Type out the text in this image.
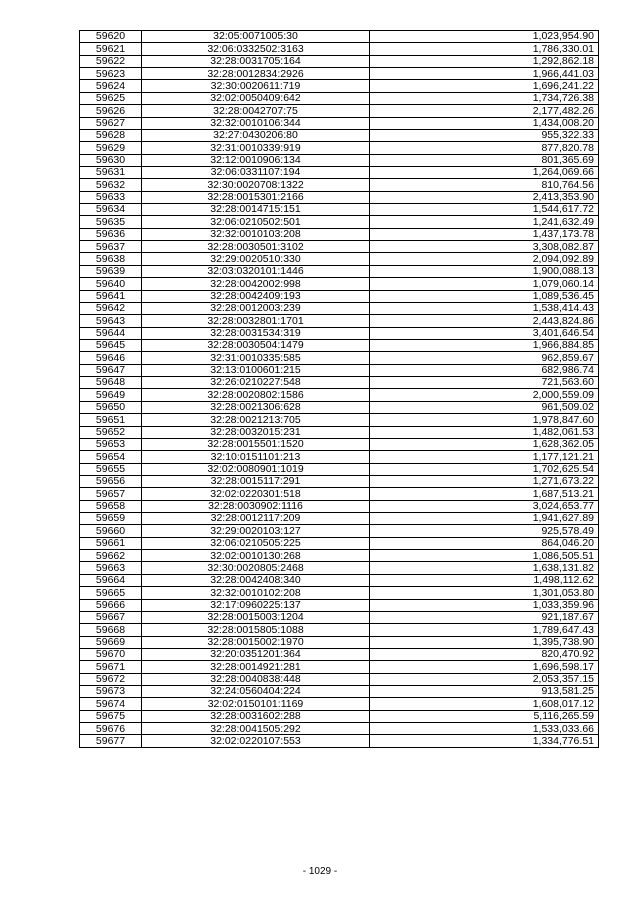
59620	32:05:0071005:30	1,023,954.90
59621	32:06:0332502:3163	1,786,330.01
59622	32:28:0031705:164	1,292,862.18
59623	32:28:0012834:2926	1,966,441.03
59624	32:30:0020611:719	1,696,241.22
59625	32:02:0050409:642	1,734,726.38
59626	32:28:0042707:75	2,177,482.26
59627	32:32:0010106:344	1,434,008.20
59628	32:27:0430206:80	955,322.33
59629	32:31:0010339:919	877,820.78
59630	32:12:0010906:134	801,365.69
59631	32:06:0331107:194	1,264,069.66
59632	32:30:0020708:1322	810,764.56
59633	32:28:0015301:2166	2,413,353.90
59634	32:28:0014715:151	1,544,617.72
59635	32:06:0210502:501	1,241,632.49
59636	32:32:0010103:208	1,437,173.78
59637	32:28:0030501:3102	3,308,082.87
59638	32:29:0020510:330	2,094,092.89
59639	32:03:0320101:1446	1,900,088.13
59640	32:28:0042002:998	1,079,060.14
59641	32:28:0042409:193	1,089,536.45
59642	32:28:0012003:239	1,538,414.43
59643	32:28:0032801:1701	2,443,824.86
59644	32:28:0031534:319	3,401,646.54
59645	32:28:0030504:1479	1,966,884.85
59646	32:31:0010335:585	962,859.67
59647	32:13:0100601:215	682,986.74
59648	32:26:0210227:548	721,563.60
59649	32:28:0020802:1586	2,000,559.09
59650	32:28:0021306:628	961,509.02
59651	32:28:0021213:705	1,978,847.60
59652	32:28:0032015:231	1,482,061.53
59653	32:28:0015501:1520	1,628,362.05
59654	32:10:0151101:213	1,177,121.21
59655	32:02:0080901:1019	1,702,625.54
59656	32:28:0015117:291	1,271,673.22
59657	32:02:0220301:518	1,687,513.21
59658	32:28:0030902:1116	3,024,653.77
59659	32:28:0012117:209	1,941,627.89
59660	32:29:0020103:127	925,578.49
59661	32:06:0210505:225	864,046.20
59662	32:02:0010130:268	1,086,505.51
59663	32:30:0020805:2468	1,638,131.82
59664	32:28:0042408:340	1,498,112.62
59665	32:32:0010102:208	1,301,053.80
59666	32:17:0960225:137	1,033,359.96
59667	32:28:0015003:1204	921,187.67
59668	32:28:0015805:1088	1,789,647.43
59669	32:28:0015002:1970	1,395,738.90
59670	32:20:0351201:364	820,470.92
59671	32:28:0014921:281	1,696,598.17
59672	32:28:0040838:448	2,053,357.15
59673	32:24:0560404:224	913,581.25
59674	32:02:0150101:1169	1,608,017.12
59675	32:28:0031602:288	5,116,265.59
59676	32:28:0041505:292	1,533,033.66
59677	32:02:0220107:553	1,334,776.51
- 1029 -
